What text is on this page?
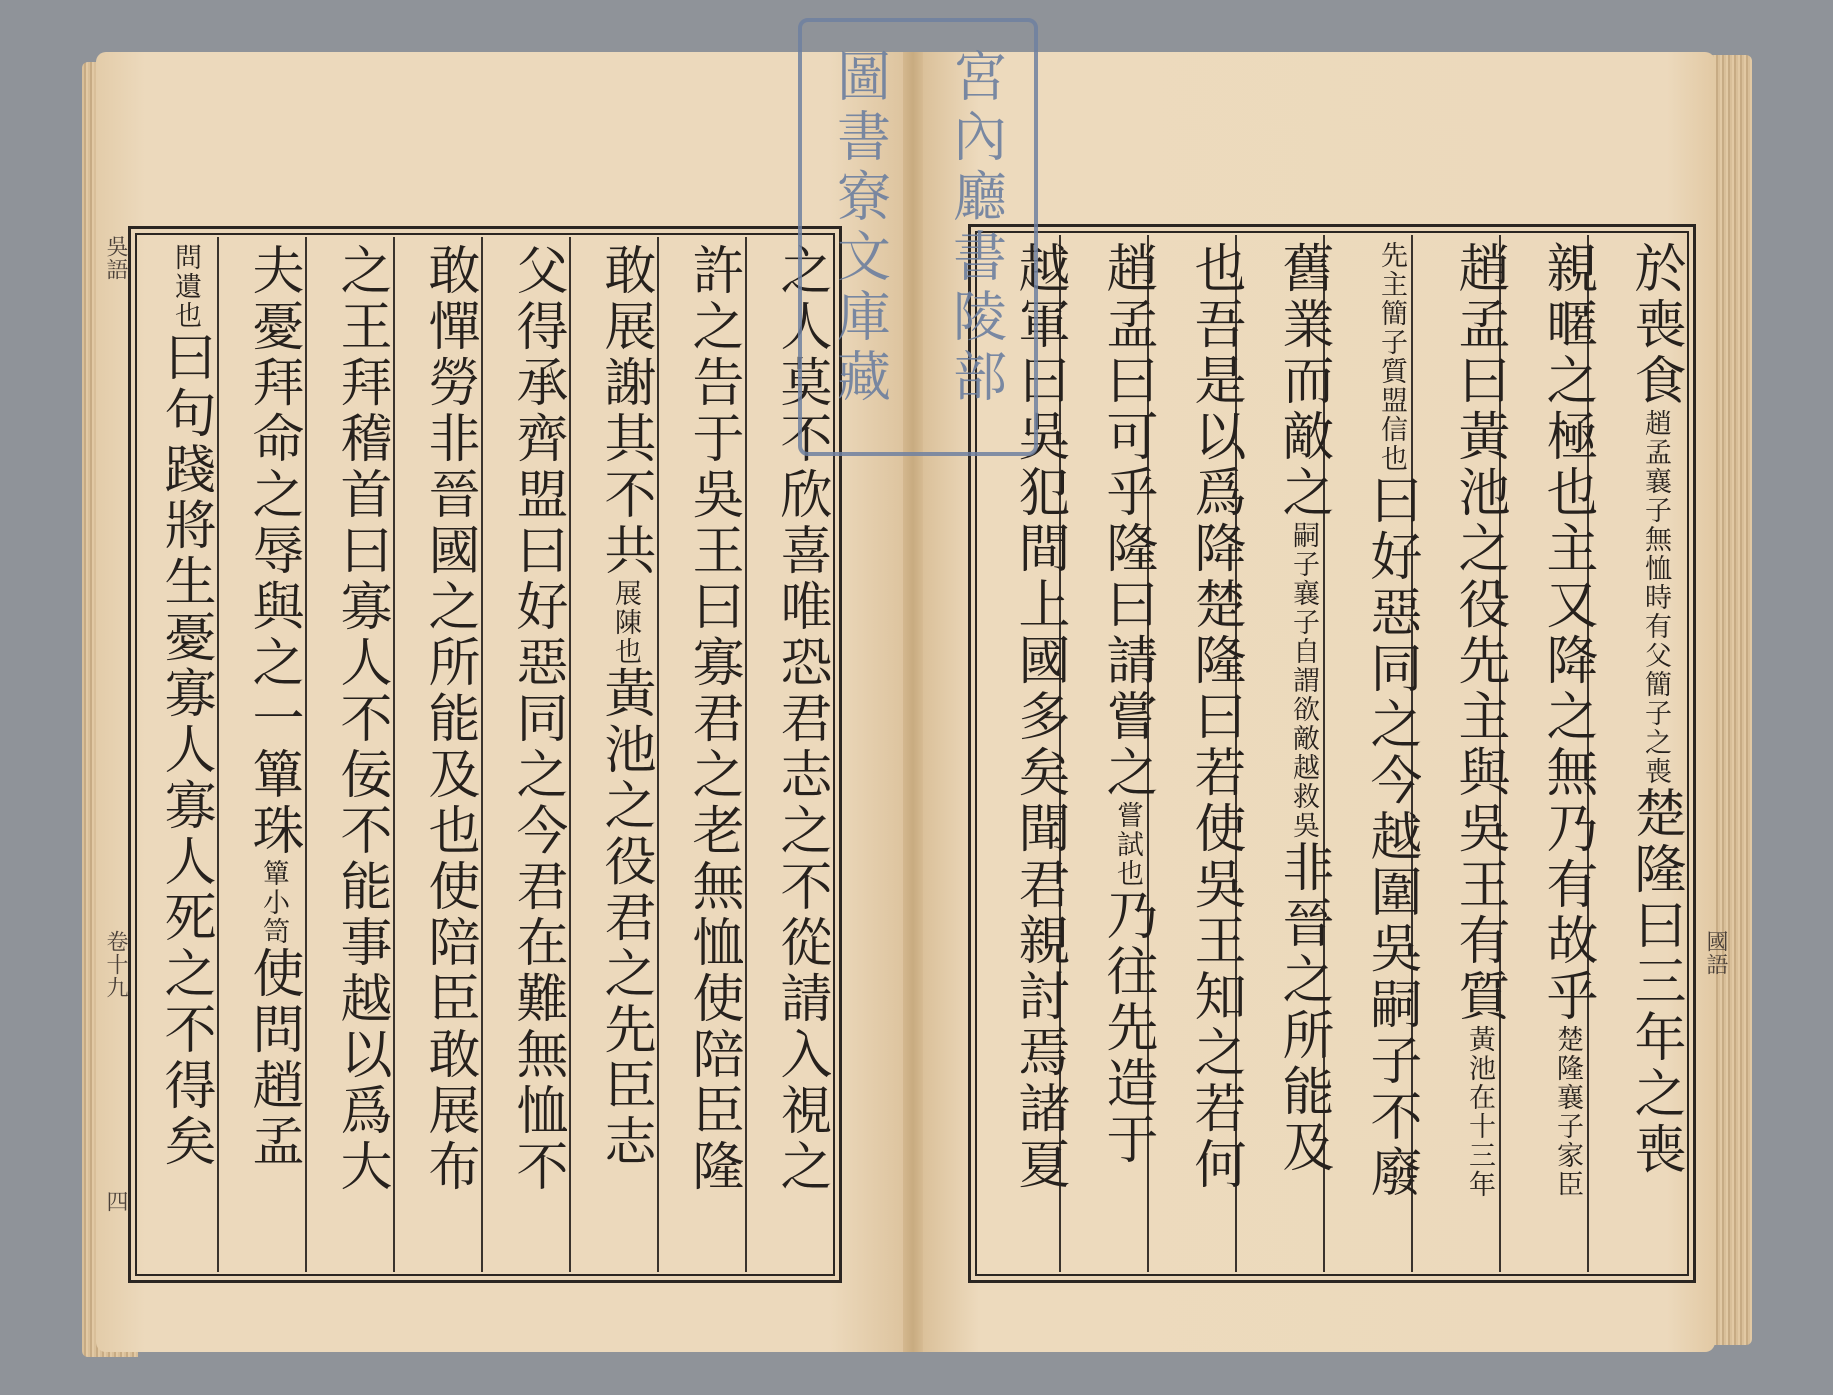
之人莫不欣喜唯恐君志之不從請入視之
許之告于吳王曰寡君之老無恤使陪臣隆
敢展謝其不共展陳也黃池之役君之先臣志
父得承齊盟曰好惡同之今君在難無恤不
敢憚勞非晉國之所能及也使陪臣敢展布
之王拜稽首曰寡人不佞不能事越以爲大
夫憂拜命之辱與之一簞珠簞小笥使問趙孟
問遺也曰句踐將生憂寡人寡人死之不得矣
於喪食趙孟襄子無恤時有父簡子之喪楚隆曰三年之喪
親暱之極也主又降之無乃有故乎楚隆襄子家臣
趙孟曰黃池之役先主與吳王有質黃池在十三年
先主簡子質盟信也曰好惡同之今越圍吳嗣子不廢
舊業而敵之嗣子襄子自謂欲敵越救吳非晉之所能及
也吾是以爲降楚隆曰若使吳王知之若何
趙孟曰可乎隆曰請嘗之嘗試也乃往先造于
越軍曰吳犯間上國多矣聞君親討焉諸夏
吳語
卷十九
四
國語
宮內廳書陵部
圖書寮文庫藏
